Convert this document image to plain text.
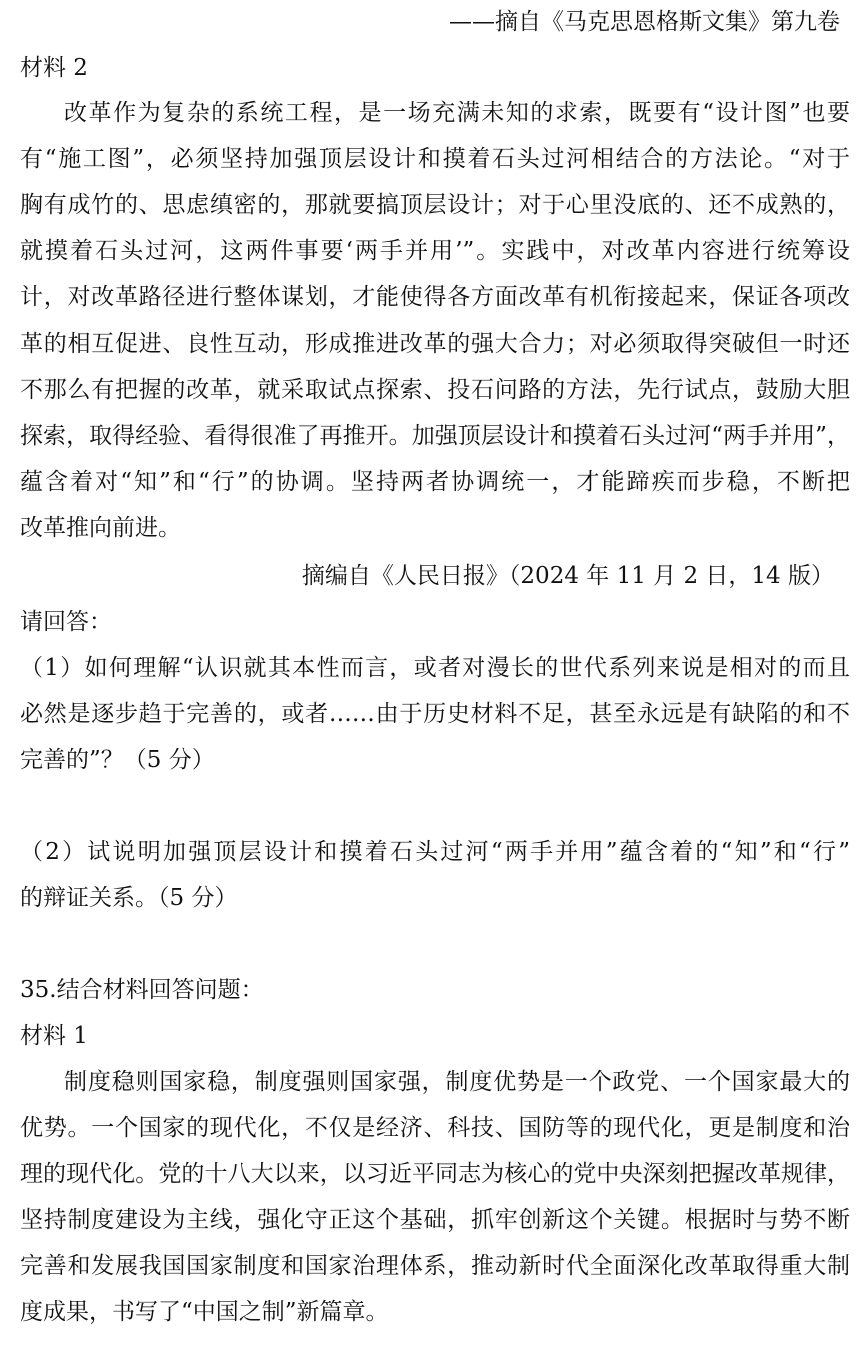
——摘自《马克思恩格斯文集》第九卷
材料 2
改革作为复杂的系统工程，是一场充满未知的求索，既要有“设计图”也要
有“施工图”，必须坚持加强顶层设计和摸着石头过河相结合的方法论。“对于
胸有成竹的、思虑缜密的，那就要搞顶层设计；对于心里没底的、还不成熟的，
就摸着石头过河，这两件事要‘两手并用’”。实践中，对改革内容进行统筹设
计，对改革路径进行整体谋划，才能使得各方面改革有机衔接起来，保证各项改
革的相互促进、良性互动，形成推进改革的强大合力；对必须取得突破但一时还
不那么有把握的改革，就采取试点探索、投石问路的方法，先行试点，鼓励大胆
探索，取得经验、看得很准了再推开。加强顶层设计和摸着石头过河“两手并用”，
蕴含着对“知”和“行”的协调。坚持两者协调统一，才能蹄疾而步稳，不断把
改革推向前进。
摘编自《人民日报》（2024 年 11 月 2 日，14 版）
请回答：
（1）如何理解“认识就其本性而言，或者对漫长的世代系列来说是相对的而且
必然是逐步趋于完善的，或者……由于历史材料不足，甚至永远是有缺陷的和不
完善的”？（5 分）
（2）试说明加强顶层设计和摸着石头过河“两手并用”蕴含着的“知”和“行”
的辩证关系。（5 分）
35.结合材料回答问题：
材料 1
制度稳则国家稳，制度强则国家强，制度优势是一个政党、一个国家最大的
优势。一个国家的现代化，不仅是经济、科技、国防等的现代化，更是制度和治
理的现代化。党的十八大以来，以习近平同志为核心的党中央深刻把握改革规律，
坚持制度建设为主线，强化守正这个基础，抓牢创新这个关键。根据时与势不断
完善和发展我国国家制度和国家治理体系，推动新时代全面深化改革取得重大制
度成果，书写了“中国之制”新篇章。
